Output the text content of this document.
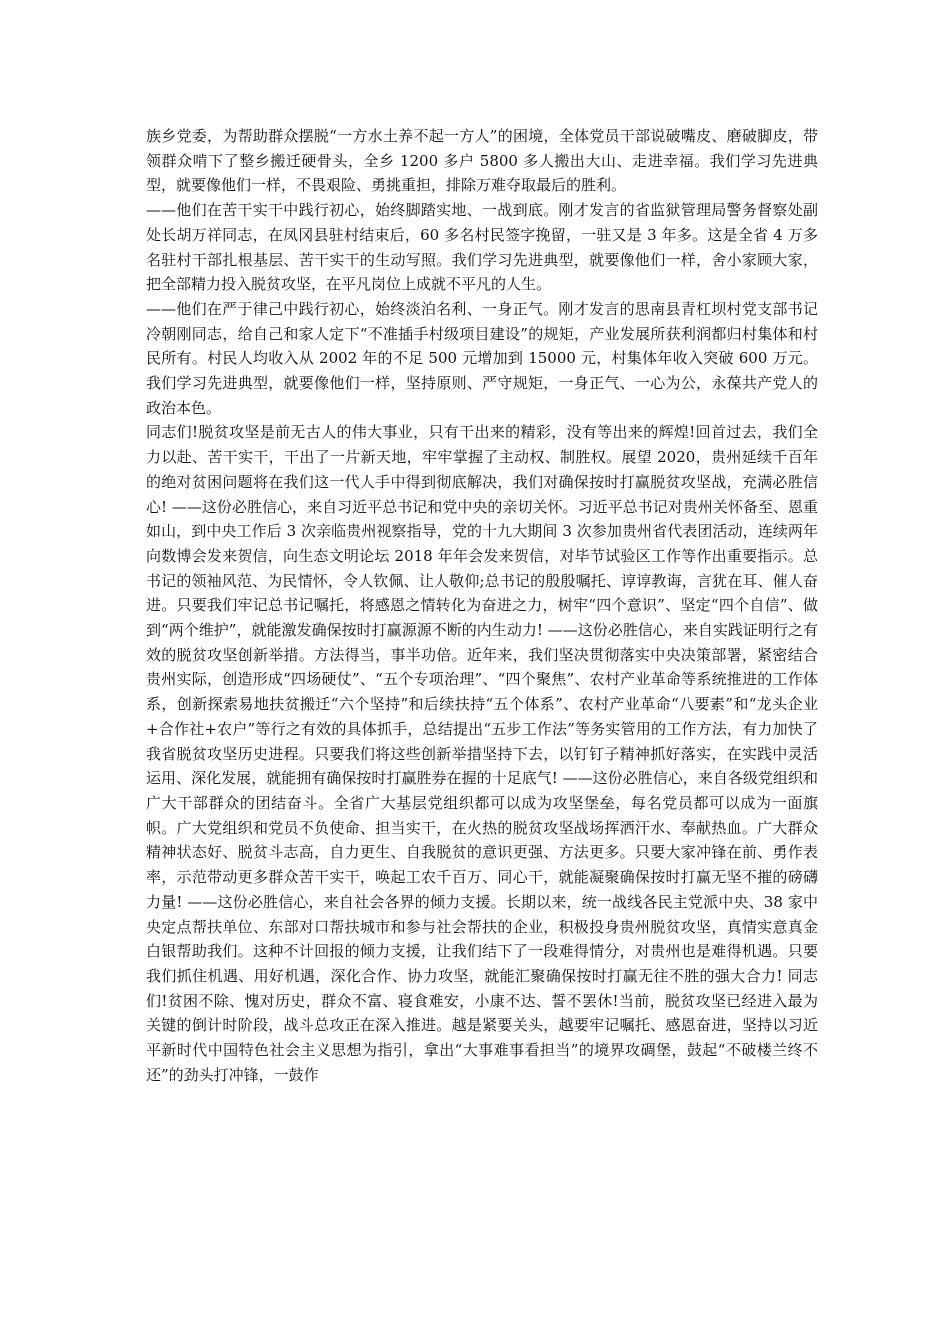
族乡党委，为帮助群众摆脱“一方水土养不起一方人”的困境，全体党员干部说破嘴皮、磨破脚皮，带领群众啃下了整乡搬迁硬骨头，全乡 1200 多户 5800 多人搬出大山、走进幸福。我们学习先进典型，就要像他们一样，不畏艰险、勇挑重担，排除万难夺取最后的胜利。

——他们在苦干实干中践行初心，始终脚踏实地、一战到底。刚才发言的省监狱管理局警务督察处副处长胡万祥同志，在凤冈县驻村结束后，60 多名村民签字挽留，一驻又是 3 年多。这是全省 4 万多名驻村干部扎根基层、苦干实干的生动写照。我们学习先进典型，就要像他们一样，舍小家顾大家，把全部精力投入脱贫攻坚，在平凡岗位上成就不平凡的人生。

——他们在严于律己中践行初心，始终淡泊名利、一身正气。刚才发言的思南县青杠坝村党支部书记冷朝刚同志，给自己和家人定下“不准插手村级项目建设”的规矩，产业发展所获利润都归村集体和村民所有。村民人均收入从 2002 年的不足 500 元增加到 15000 元，村集体年收入突破 600 万元。我们学习先进典型，就要像他们一样，坚持原则、严守规矩，一身正气、一心为公，永葆共产党人的政治本色。

同志们!脱贫攻坚是前无古人的伟大事业，只有干出来的精彩，没有等出来的辉煌!回首过去，我们全力以赴、苦干实干，干出了一片新天地，牢牢掌握了主动权、制胜权。展望 2020，贵州延续千百年的绝对贫困问题将在我们这一代人手中得到彻底解决，我们对确保按时打赢脱贫攻坚战，充满必胜信心! ——这份必胜信心，来自习近平总书记和党中央的亲切关怀。习近平总书记对贵州关怀备至、恩重如山，到中央工作后 3 次亲临贵州视察指导，党的十九大期间 3 次参加贵州省代表团活动，连续两年向数博会发来贺信，向生态文明论坛 2018 年年会发来贺信，对毕节试验区工作等作出重要指示。总书记的领袖风范、为民情怀，令人钦佩、让人敬仰;总书记的殷殷嘱托、谆谆教诲，言犹在耳、催人奋进。只要我们牢记总书记嘱托，将感恩之情转化为奋进之力，树牢“四个意识”、坚定“四个自信”、做到“两个维护”，就能激发确保按时打赢源源不断的内生动力! ——这份必胜信心，来自实践证明行之有效的脱贫攻坚创新举措。方法得当，事半功倍。近年来，我们坚决贯彻落实中央决策部署，紧密结合贵州实际，创造形成“四场硬仗”、“五个专项治理”、“四个聚焦”、农村产业革命等系统推进的工作体系，创新探索易地扶贫搬迁“六个坚持”和后续扶持“五个体系”、农村产业革命“八要素”和“龙头企业+合作社+农户”等行之有效的具体抓手，总结提出“五步工作法”等务实管用的工作方法，有力加快了我省脱贫攻坚历史进程。只要我们将这些创新举措坚持下去，以钉钉子精神抓好落实，在实践中灵活运用、深化发展，就能拥有确保按时打赢胜券在握的十足底气! ——这份必胜信心，来自各级党组织和广大干部群众的团结奋斗。全省广大基层党组织都可以成为攻坚堡垒，每名党员都可以成为一面旗帜。广大党组织和党员不负使命、担当实干，在火热的脱贫攻坚战场挥洒汗水、奉献热血。广大群众精神状态好、脱贫斗志高，自力更生、自我脱贫的意识更强、方法更多。只要大家冲锋在前、勇作表率，示范带动更多群众苦干实干，唤起工农千百万、同心干，就能凝聚确保按时打赢无坚不摧的磅礴力量! ——这份必胜信心，来自社会各界的倾力支援。长期以来，统一战线各民主党派中央、38 家中央定点帮扶单位、东部对口帮扶城市和参与社会帮扶的企业，积极投身贵州脱贫攻坚，真情实意真金白银帮助我们。这种不计回报的倾力支援，让我们结下了一段难得情分，对贵州也是难得机遇。只要我们抓住机遇、用好机遇，深化合作、协力攻坚，就能汇聚确保按时打赢无往不胜的强大合力! 同志们!贫困不除、愧对历史，群众不富、寝食难安，小康不达、誓不罢休!当前，脱贫攻坚已经进入最为关键的倒计时阶段，战斗总攻正在深入推进。越是紧要关头，越要牢记嘱托、感恩奋进，坚持以习近平新时代中国特色社会主义思想为指引，拿出“大事难事看担当”的境界攻碉堡，鼓起“不破楼兰终不还”的劲头打冲锋，一鼓作
